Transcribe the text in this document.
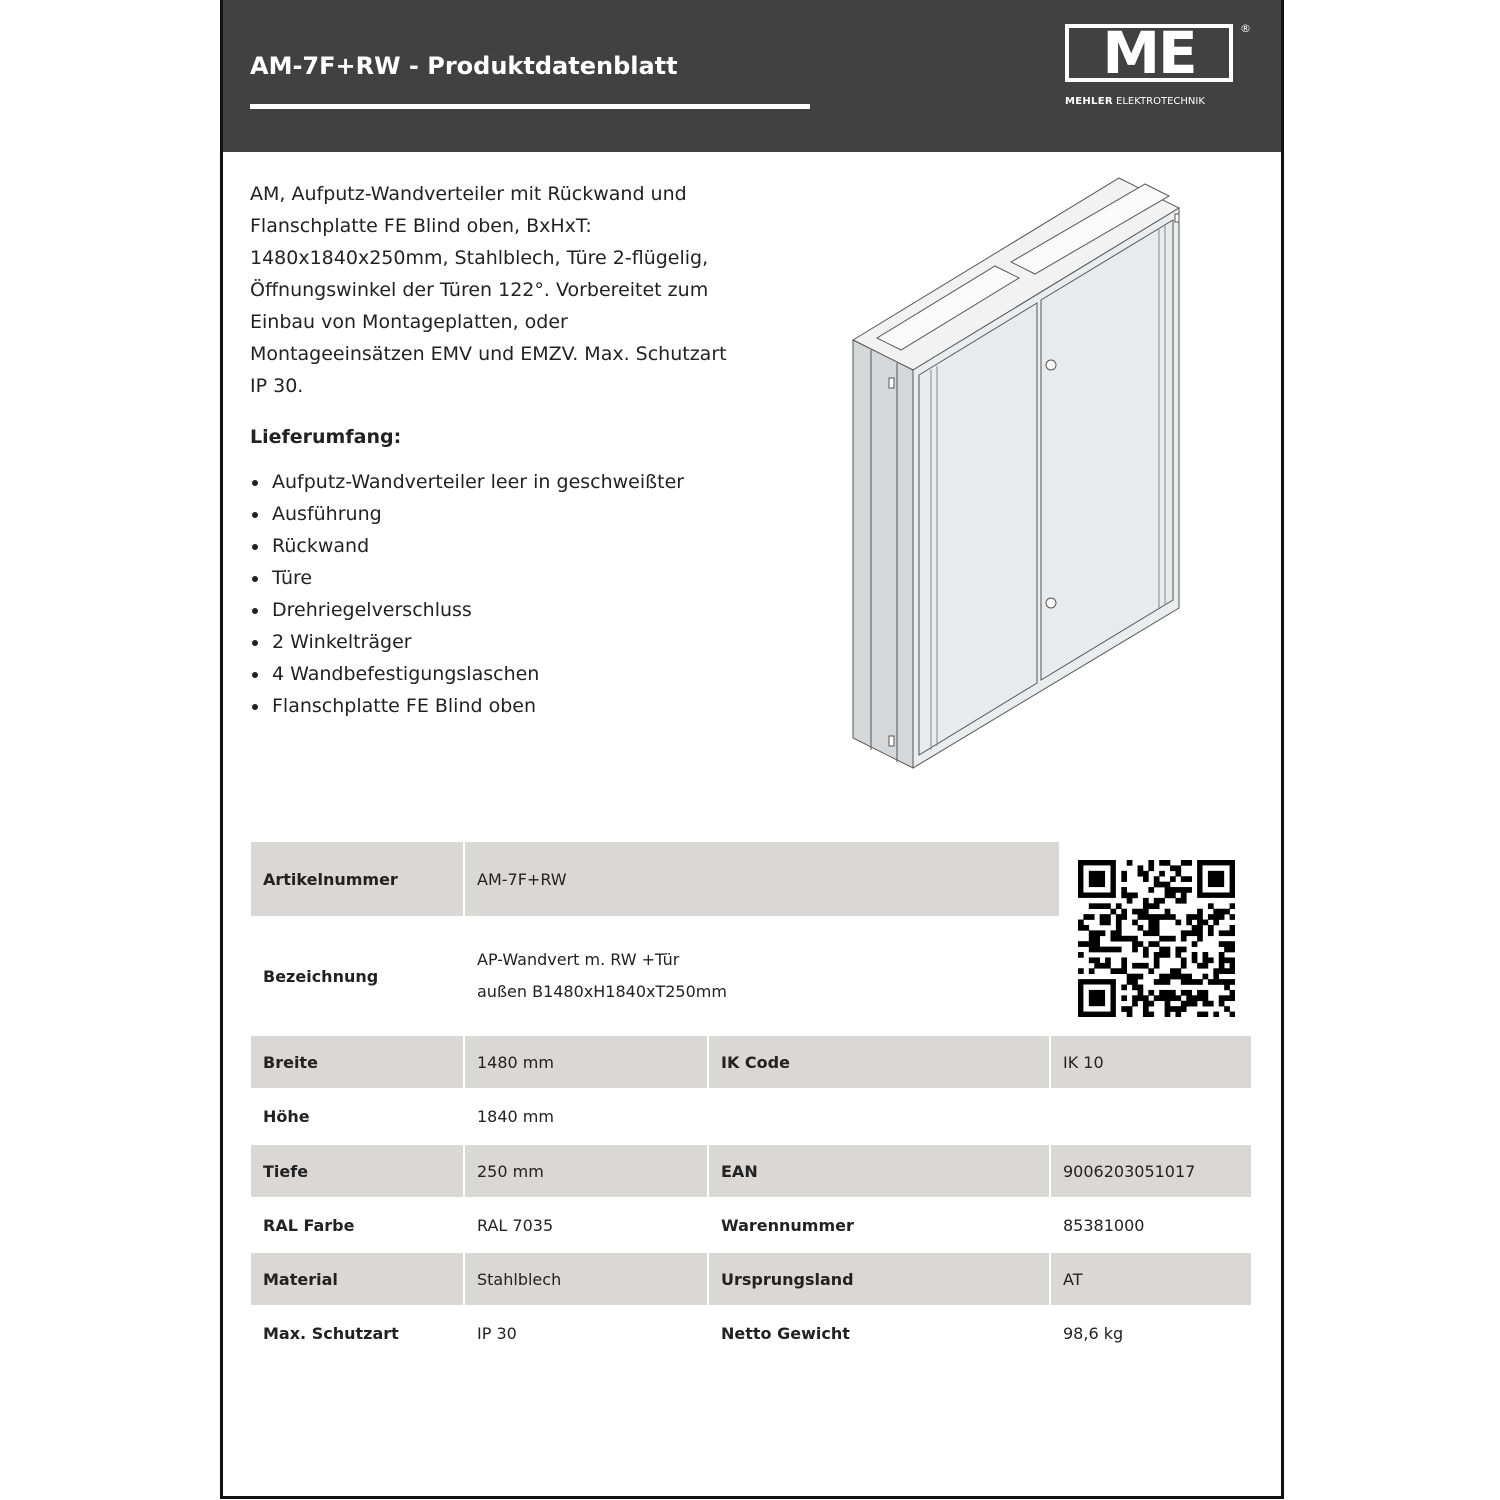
AM-7F+RW - Produktdatenblatt	ME	®
MEHLER ELEKTROTECHNIK
AM, Aufputz-Wandverteiler mit Rückwand und
Flanschplatte FE Blind oben, BxHxT:
1480x1840x250mm, Stahlblech, Türe 2-flügelig,
Öffnungswinkel der Türen 122°. Vorbereitet zum
Einbau von Montageplatten, oder
Montageeinsätzen EMV und EMZV. Max. Schutzart
IP 30.
Lieferumfang:
Aufputz-Wandverteiler leer in geschweißter
Ausführung
Rückwand
Türe
Drehriegelverschluss
2 Winkelträger
4 Wandbefestigungslaschen
Flanschplatte FE Blind oben
Artikelnummer	AM-7F+RW
Bezeichnung
AP-Wandvert m. RW +Tür
außen B1480xH1840xT250mm
Breite	1480 mm	IK Code	IK 10
Höhe	1840 mm
Tiefe	250 mm	EAN	9006203051017
RAL Farbe	RAL 7035	Warennummer	85381000
Material	Stahlblech	Ursprungsland	AT
Max. Schutzart	IP 30	Netto Gewicht	98,6 kg
